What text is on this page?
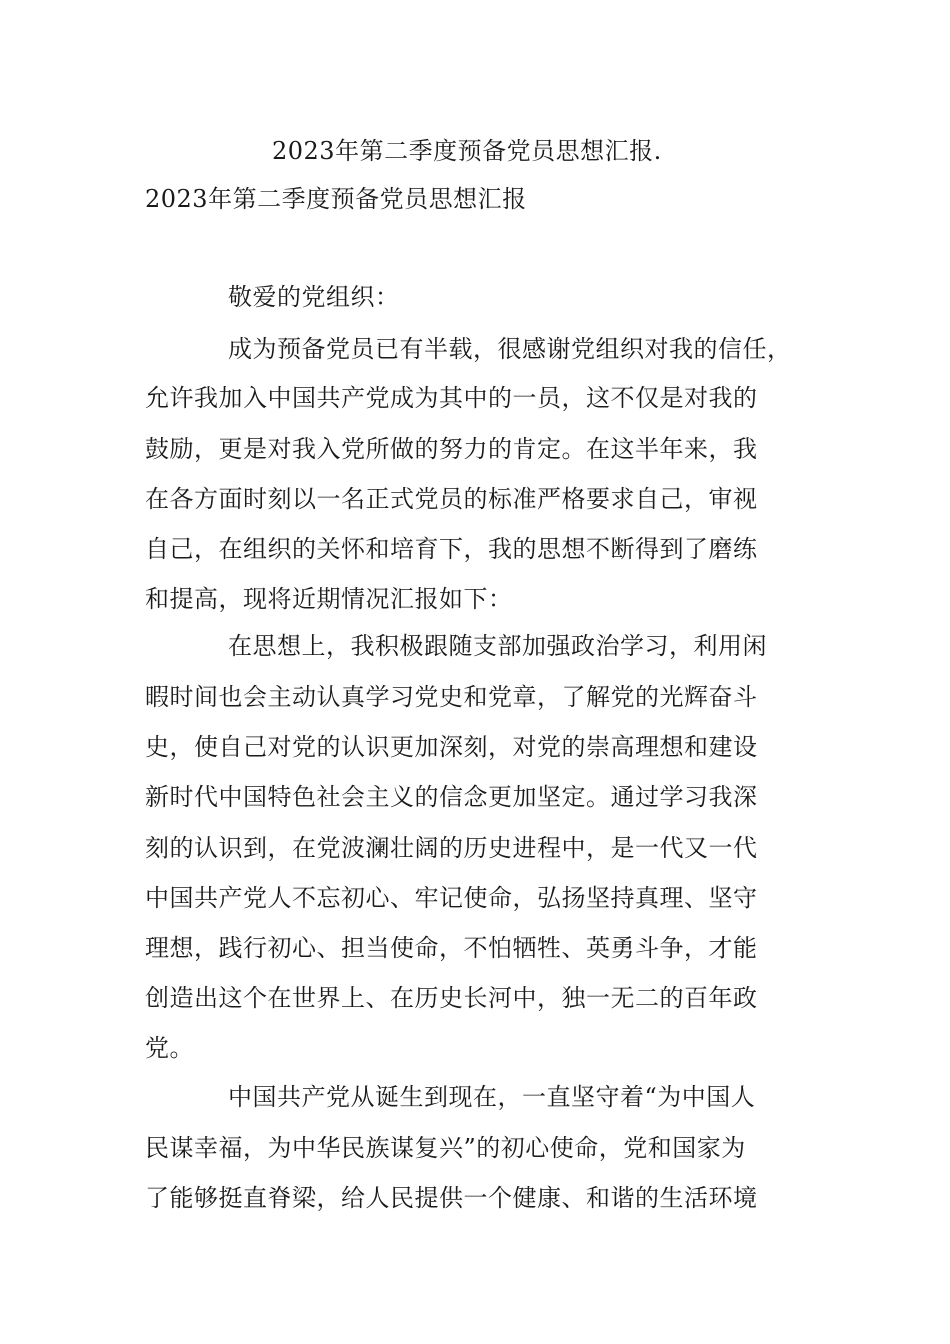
2023年第二季度预备党员思想汇报.
2023年第二季度预备党员思想汇报
敬爱的党组织：
成为预备党员已有半载，很感谢党组织对我的信任，
允许我加入中国共产党成为其中的一员，这不仅是对我的
鼓励，更是对我入党所做的努力的肯定。在这半年来，我
在各方面时刻以一名正式党员的标准严格要求自己，审视
自己，在组织的关怀和培育下，我的思想不断得到了磨练
和提高，现将近期情况汇报如下：
在思想上，我积极跟随支部加强政治学习，利用闲
暇时间也会主动认真学习党史和党章，了解党的光辉奋斗
史，使自己对党的认识更加深刻，对党的崇高理想和建设
新时代中国特色社会主义的信念更加坚定。通过学习我深
刻的认识到，在党波澜壮阔的历史进程中，是一代又一代
中国共产党人不忘初心、牢记使命，弘扬坚持真理、坚守
理想，践行初心、担当使命，不怕牺牲、英勇斗争，才能
创造出这个在世界上、在历史长河中，独一无二的百年政
党。
中国共产党从诞生到现在，一直坚守着“为中国人
民谋幸福，为中华民族谋复兴”的初心使命，党和国家为
了能够挺直脊梁，给人民提供一个健康、和谐的生活环境
